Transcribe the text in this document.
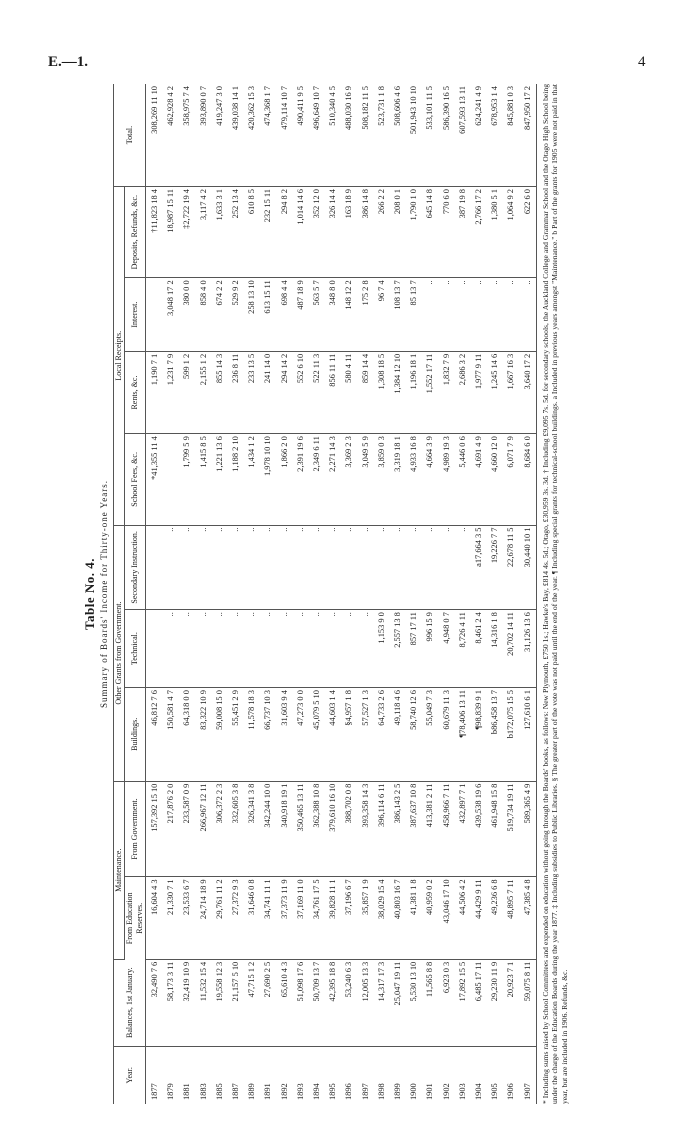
E.—1.	4
Table No. 4. Summary of Boards' Income for Thirty-one Years.
Year.	Balances, 1st January.	Maintenance.		Other Grants from Government.			Local Receipts.				Total.
		From Education Reserves.	From Government.	Buildings.	Technical.	Secondary Instruction.	School Fees, &c.	Rents, &c.	Interest.	Deposits, Refunds, &c.	
1877	32,490 7 6	16,604 4 3	157,392 15 10	46,812 7 6			*41,355 11 4	1,190 7 1		†11,823 18 4	308,269 11 10
1879	58,173 3 11	21,330 7 1	217,876 2 0	150,581 4 7	..	..		1,231 7 9	3,048 17 2	18,987 15 11	462,928 4 2
1881	32,419 10 9	23,533 6 7	233,587 0 9	64,318 0 0	..	..	1,799 5 9	599 1 2	380 0 0	‡2,722 19 4	358,975 7 4
1883	11,532 15 4	24,714 18 9	266,967 12 11	83,322 10 9	..	..	1,415 8 5	2,155 1 2	858 4 0	3,117 4 2	393,890 0 7
1885	19,558 12 3	29,761 11 2	306,372 2 3	59,008 15 0	..	..	1,221 13 6	855 14 3	674 2 2	1,633 3 1	419,247 3 0
1887	21,157 5 10	27,372 9 3	332,605 3 8	55,451 2 9	..	..	1,188 2 10	236 8 11	529 9 2	252 13 4	439,038 14 1
1889	47,715 1 2	31,646 0 8	326,341 3 8	11,578 18 3	..	..	1,434 1 2	233 13 5	258 13 10	610 8 5	420,362 15 3
1891	27,690 2 5	34,741 11 1	342,244 10 0	66,737 10 3	..	..	1,978 10 10	241 14 0	613 15 11	232 15 11	474,368 1 7
1892	65,610 4 3	37,373 11 9	340,918 19 1	31,603 9 4	..	..	1,866 2 0	294 14 2	698 4 4	294 8 2	479,114 10 7
1893	51,098 17 6	37,169 11 0	350,465 13 11	47,273 0 0	..	..	2,391 19 6	552 6 10	487 18 9	1,014 14 6	490,411 9 5
1894	50,709 13 7	34,761 17 5	362,388 10 8	45,079 5 10	..	..	2,349 6 11	522 11 3	563 5 7	352 12 0	496,649 10 7
1895	42,395 18 8	39,828 11 1	379,610 16 10	44,603 1 4	..	..	2,271 14 3	856 11 11	348 8 0	326 14 4	510,340 4 5
1896	53,240 6 3	37,196 6 7	388,702 0 8	§4,957 1 8	..	..	3,369 2 3	580 4 11	148 12 2	163 18 9	488,030 16 9
1897	12,005 13 3	35,857 1 9	393,358 14 3	57,527 1 3	..	..	3,049 5 9	859 14 4	175 2 8	386 14 8	508,182 11 5
1898	14,317 17 3	38,029 15 4	396,114 6 11	64,733 2 6	1,153 9 0	..	3,859 0 3	1,308 18 5	96 7 4	266 2 2	523,731 1 8
1899	25,047 19 11	40,803 16 7	386,143 2 5	49,118 4 6	2,557 13 8	..	3,319 18 1	1,384 12 10	108 13 7	208 0 1	508,606 4 6
1900	5,530 13 10	41,381 1 8	387,637 10 8	58,740 12 6	857 17 11	..	4,933 16 8	1,196 18 1	85 13 7	1,790 1 0	501,943 10 10
1901	11,565 8 8	40,959 0 2	413,381 2 11	55,049 7 3	996 15 9	..	4,664 3 9	1,552 17 11	..	645 14 8	533,101 11 5
1902	6,923 0 3	43,046 17 10	458,966 7 11	60,679 11 3	4,948 0 7	..	4,989 19 3	1,832 7 9	..	770 6 0	586,390 16 5
1903	17,892 15 5	44,506 4 2	432,897 7 1	¶78,406 13 11	8,726 4 11	..	5,446 0 6	2,686 3 2	..	387 19 8	607,593 13 11
1904	6,485 17 11	44,429 9 11	439,538 19 6	¶98,839 9 1	8,461 2 4	a17,664 3 5	4,691 4 9	1,977 9 11	..	2,766 17 2	624,241 4 9
1905	29,230 11 9	49,236 6 8	461,948 15 8	b86,458 13 7	14,316 1 8	19,226 7 7	4,660 12 0	1,245 14 6	..	1,380 5 1	678,953 1 4
1906	20,923 7 1	48,895 7 11	519,734 19 11	b172,075 15 5	20,702 14 11	22,678 11 5	6,071 7 9	1,667 16 3	..	1,064 9 2	845,881 0 3
1907	59,075 8 11	47,385 4 8	589,365 4 9	127,610 6 1	31,126 13 6	30,440 10 1	8,684 6 0	3,640 17 2	..	622 6 0	847,950 17 2 * Including sums raised by School Committees and expended on education without going through the Boards' books, as follows: New Plymouth, £750 1s.; Hawke's Bay, £814 4s. 5d.; Otago, £30,959 3s. 3d. † Including £9,095 7s. 5d. for secondary schools, the Auckland College and Grammar School and the Otago High School being under the charge of the Education Boards during the year 1877. ‡ Including subsidies to Public Libraries. § The greater part of the vote was not paid until the end of the year. ¶ Including special grants for technical-school buildings. a Included in previous years amongst "Maintenance." b Part of the grants for 1905 were not paid in that year, but are included in 1906. Refunds, &c.
